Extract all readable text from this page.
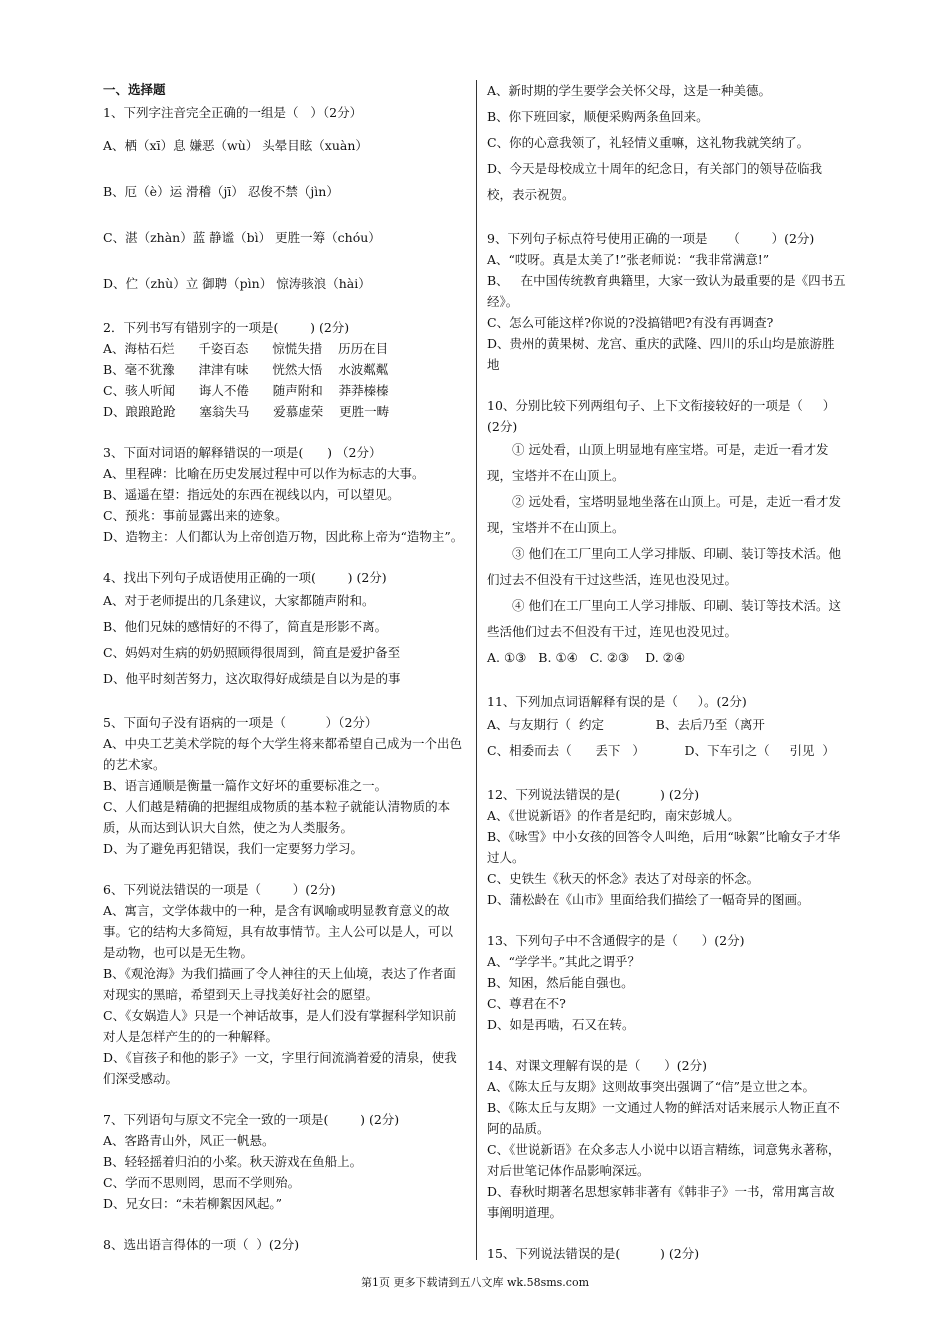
一、选择题
1、下列字注音完全正确的一组是（   ）（2分）
A、栖（xī）息 嫌恶（wù） 头晕目眩（xuàn）
B、厄（è）运 滑稽（jī） 忍俊不禁（jìn）
C、湛（zhàn）蓝 静谧（bì） 更胜一筹（chóu）
D、伫（zhù）立 御聘（pìn） 惊涛骇浪（hài）
2．下列书写有错别字的一项是(        ) (2分)
A、海枯石烂      千姿百态      惊慌失措    历历在目
B、毫不犹豫      津津有味      恍然大悟    水波粼粼
C、骇人听闻      诲人不倦      随声附和    莽莽榛榛
D、踉踉跄跄      塞翁失马      爱慕虚荣    更胜一畴
3、下面对词语的解释错误的一项是(      ) （2分）
A、里程碑：比喻在历史发展过程中可以作为标志的大事。
B、遥遥在望：指远处的东西在视线以内，可以望见。
C、预兆：事前显露出来的迹象。
D、造物主：人们都认为上帝创造万物，因此称上帝为“造物主”。
4、找出下列句子成语使用正确的一项(        ) (2分)
A、对于老师提出的几条建议，大家都随声附和。
B、他们兄妹的感情好的不得了，简直是形影不离。
C、妈妈对生病的奶奶照顾得很周到，简直是爱护备至
D、他平时刻苦努力，这次取得好成绩是自以为是的事
5、下面句子没有语病的一项是（          ）（2分）
A、中央工艺美术学院的每个大学生将来都希望自己成为一个出色的艺术家。
B、语言通顺是衡量一篇作文好坏的重要标准之一。
C、人们越是精确的把握组成物质的基本粒子就能认清物质的本质，从而达到认识大自然，使之为人类服务。
D、为了避免再犯错误，我们一定要努力学习。
6、下列说法错误的一项是（        ）(2分)
A、寓言，文学体裁中的一种，是含有讽喻或明显教育意义的故事。它的结构大多简短，具有故事情节。主人公可以是人，可以是动物，也可以是无生物。
B、《观沧海》为我们描画了令人神往的天上仙境，表达了作者面对现实的黑暗，希望到天上寻找美好社会的愿望。
C、《女娲造人》只是一个神话故事，是人们没有掌握科学知识前对人是怎样产生的的一种解释。
D、《盲孩子和他的影子》一文，字里行间流淌着爱的清泉，使我们深受感动。
7、下列语句与原文不完全一致的一项是(        ) (2分)
A、客路青山外，风正一帆悬。
B、轻轻摇着归泊的小桨。秋天游戏在鱼船上。
C、学而不思则罔，思而不学则殆。
D、兄女曰：“未若柳絮因风起。”
8、选出语言得体的一项（  ）(2分)
A、新时期的学生要学会关怀父母，这是一种美德。
B、你下班回家，顺便采购两条鱼回来。
C、你的心意我领了，礼轻情义重嘛，这礼物我就笑纳了。
D、今天是母校成立十周年的纪念日，有关部门的领导莅临我校，表示祝贺。
9、下列句子标点符号使用正确的一项是     （        ）(2分)
A、“哎呀。真是太美了!”张老师说：“我非常满意!”
B、   在中国传统教育典籍里，大家一致认为最重要的是《四书五经》。
C、怎么可能这样?你说的?没搞错吧?有没有再调查?
D、贵州的黄果树、龙宫、重庆的武隆、四川的乐山均是旅游胜地
10、分别比较下列两组句子、上下文衔接较好的一项是（     ）(2分)
① 远处看，山顶上明显地有座宝塔。可是，走近一看才发现，宝塔并不在山顶上。
② 远处看，宝塔明显地坐落在山顶上。可是，走近一看才发现，宝塔并不在山顶上。
③ 他们在工厂里向工人学习排版、印刷、装订等技术活。他们过去不但没有干过这些活，连见也没见过。
④ 他们在工厂里向工人学习排版、印刷、装订等技术活。这些活他们过去不但没有干过，连见也没见过。
A. ①③   B. ①④   C. ②③    D. ②④
11、下列加点词语解释有误的是（     ）。(2分)
A、与友期行（  约定             B、去后乃至（离开
C、相委而去（      丢下   ）          D、下车引之（     引见  ）
12、下列说法错误的是(          ) (2分)
A、《世说新语》的作者是纪昀，南宋彭城人。
B、《咏雪》中小女孩的回答令人叫绝，后用“咏絮”比喻女子才华过人。
C、史铁生《秋天的怀念》表达了对母亲的怀念。
D、蒲松龄在《山市》里面给我们描绘了一幅奇异的图画。
13、下列句子中不含通假字的是（      ）(2分)
A、“学学半。”其此之谓乎？
B、知困，然后能自强也。
C、尊君在不?
D、如是再啮，石又在转。
14、对课文理解有误的是（      ）(2分)
A、《陈太丘与友期》这则故事突出强调了“信”是立世之本。
B、《陈太丘与友期》一文通过人物的鲜活对话来展示人物正直不阿的品质。
C、《世说新语》在众多志人小说中以语言精练，词意隽永著称，对后世笔记体作品影响深远。
D、春秋时期著名思想家韩非著有《韩非子》一书，常用寓言故事阐明道理。
15、下列说法错误的是(          ) (2分)
第1页 更多下载请到五八文库 wk.58sms.com
